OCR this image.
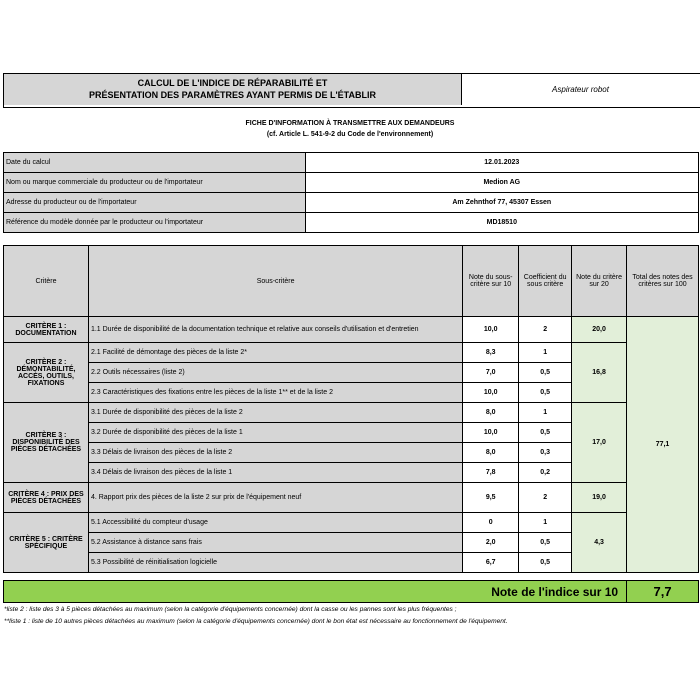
CALCUL DE L'INDICE DE RÉPARABILITÉ ET
PRÉSENTATION DES PARAMÈTRES AYANT PERMIS DE L'ÉTABLIR
Aspirateur robot
FICHE D'INFORMATION À TRANSMETTRE AUX DEMANDEURS
(cf. Article L. 541-9-2 du Code de l'environnement)
Date du calcul	12.01.2023
Nom ou marque commerciale du producteur ou de l'importateur	Medion AG
Adresse du producteur ou de l'importateur	Am Zehnthof 77, 45307 Essen
Référence du modèle donnée par le producteur ou l'importateur	MD18510
Critère	Sous-critère	Note du sous-critère sur 10	Coefficient du sous critère	Note du critère sur 20	Total des notes des critères sur 100
CRITÈRE 1 : DOCUMENTATION	1.1 Durée de disponibilité de la documentation technique et relative aux conseils d'utilisation et d'entretien	10,0	2	20,0	77,1
CRITÈRE 2 : DÉMONTABILITÉ, ACCÈS, OUTILS, FIXATIONS	2.1 Facilité de démontage des pièces de la liste 2*	8,3	1	16,8	
	2.2 Outils nécessaires (liste 2)	7,0	0,5		
	2.3 Caractéristiques des fixations entre les pièces de la liste 1** et de la liste 2	10,0	0,5		
CRITÈRE 3 : DISPONIBILITÉ DES PIÈCES DÉTACHÉES	3.1 Durée de disponibilité des pièces de la liste 2	8,0	1	17,0	
	3.2 Durée de disponibilité des pièces de la liste 1	10,0	0,5		
	3.3 Délais de livraison des pièces de la liste 2	8,0	0,3		
	3.4 Délais de livraison des pièces de la liste 1	7,8	0,2		
CRITÈRE 4 : PRIX DES PIÈCES DÉTACHÉES	4. Rapport prix des pièces de la liste 2 sur prix de l'équipement neuf	9,5	2	19,0	
CRITÈRE 5 : CRITÈRE SPÉCIFIQUE	5.1 Accessibilité du compteur d'usage	0	1	4,3	
	5.2 Assistance à distance sans frais	2,0	0,5		
	5.3 Possibilité de réinitialisation logicielle	6,7	0,5		
Note de l'indice sur 10	7,7
*liste 2 : liste des 3 à 5 pièces détachées au maximum (selon la catégorie d'équipements concernée) dont la casse ou les pannes sont les plus fréquentes ;
**liste 1 : liste de 10 autres pièces détachées au maximum (selon la catégorie d'équipements concernée) dont le bon état est nécessaire au fonctionnement de l'équipement.
